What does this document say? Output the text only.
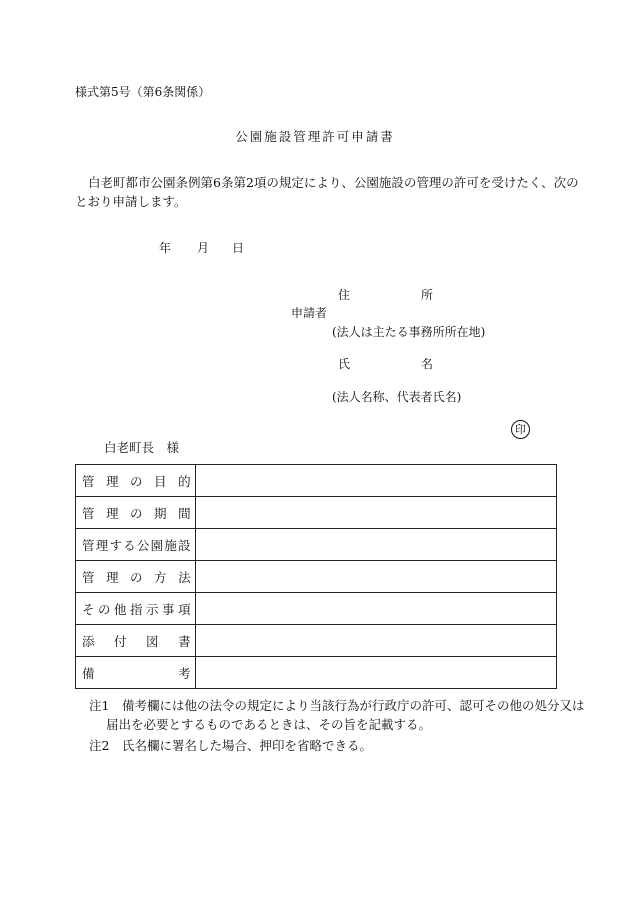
様式第5号（第6条関係）
公園施設管理許可申請書
白老町都市公園条例第6条第2項の規定により、公園施設の管理の許可を受けたく、次の
とおり申請します。
年 月 日
住	所
申請者
(法人は主たる事務所所在地)
氏	名
(法人名称、代表者氏名)
印
白老町長　様
管理の目的	
管理の期間	
管理する公園施設	
管理の方法	
その他指示事項	
添付図書	
備考	
注1　備考欄には他の法令の規定により当該行為が行政庁の許可、認可その他の処分又は
届出を必要とするものであるときは、その旨を記載する。
注2　氏名欄に署名した場合、押印を省略できる。
